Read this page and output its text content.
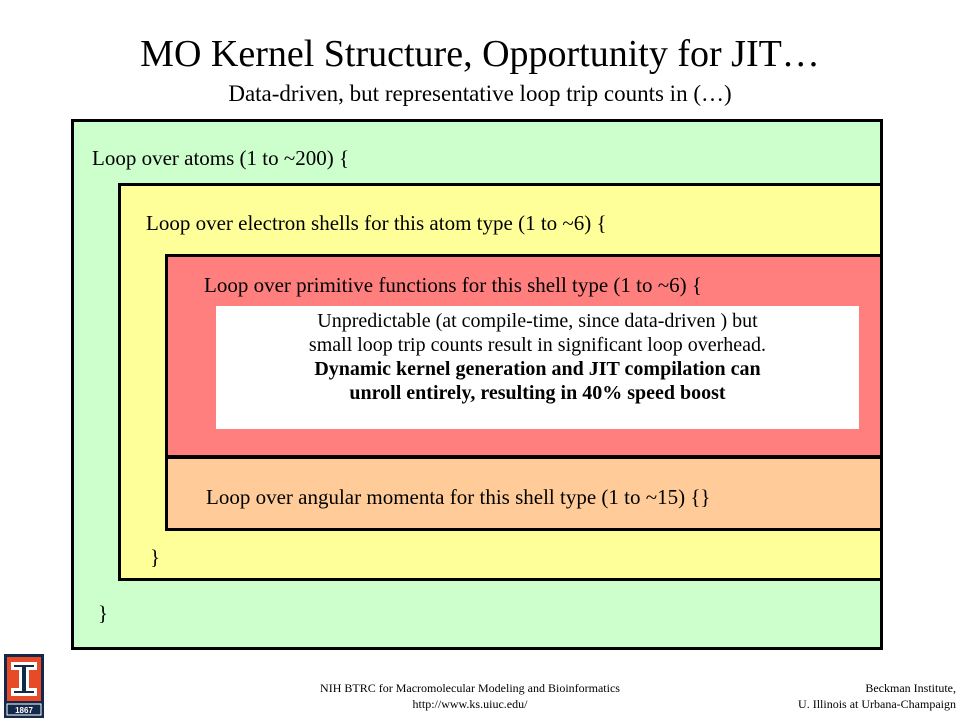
MO Kernel Structure, Opportunity for JIT…
Data-driven, but representative loop trip counts in (…)
Loop over atoms (1 to ~200) {
Loop over electron shells for this atom type (1 to ~6) {
Loop over primitive functions for this shell type (1 to ~6) {
Unpredictable (at compile-time, since data-driven ) but
small loop trip counts result in significant loop overhead.
Dynamic kernel generation and JIT compilation can
unroll entirely, resulting in 40% speed boost
Loop over angular momenta for this shell type (1 to ~15) {}
}
}
1867
NIH BTRC for Macromolecular Modeling and Bioinformatics
http://www.ks.uiuc.edu/
Beckman Institute,
U. Illinois at Urbana-Champaign
